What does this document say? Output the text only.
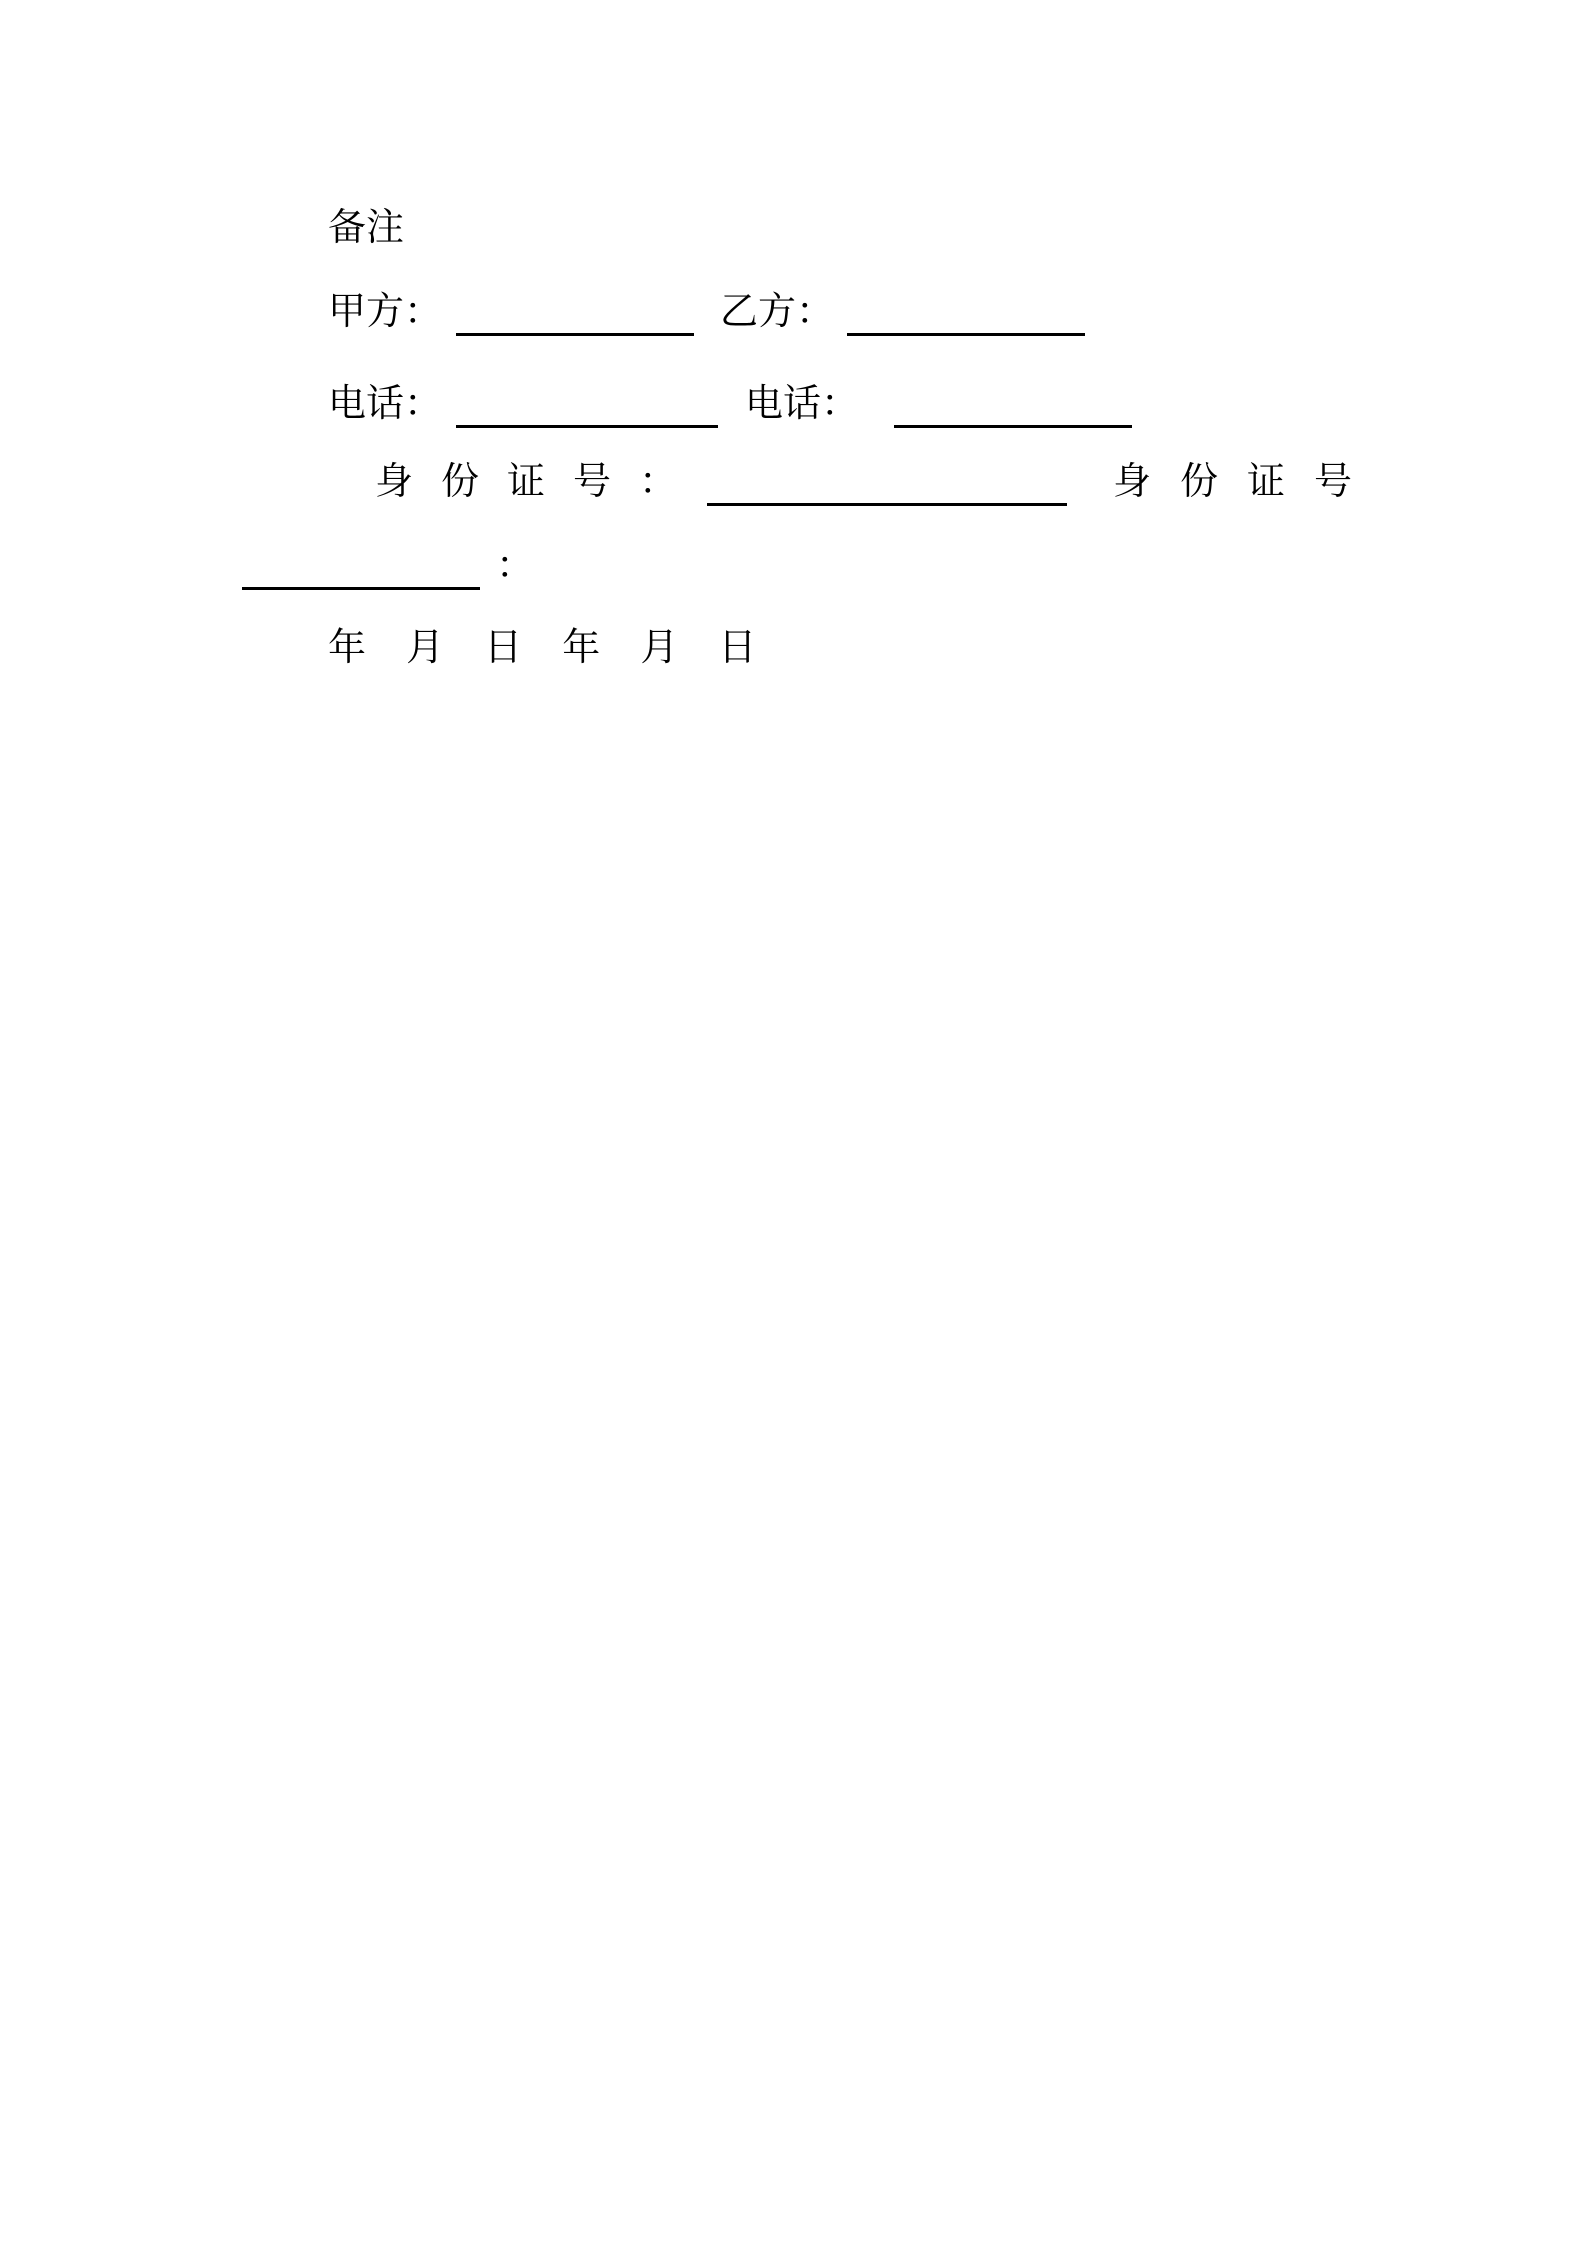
备注
甲方：	乙方：
电话：	电话：
身份证号：	身份证号
：
年 月 日 年 月 日
